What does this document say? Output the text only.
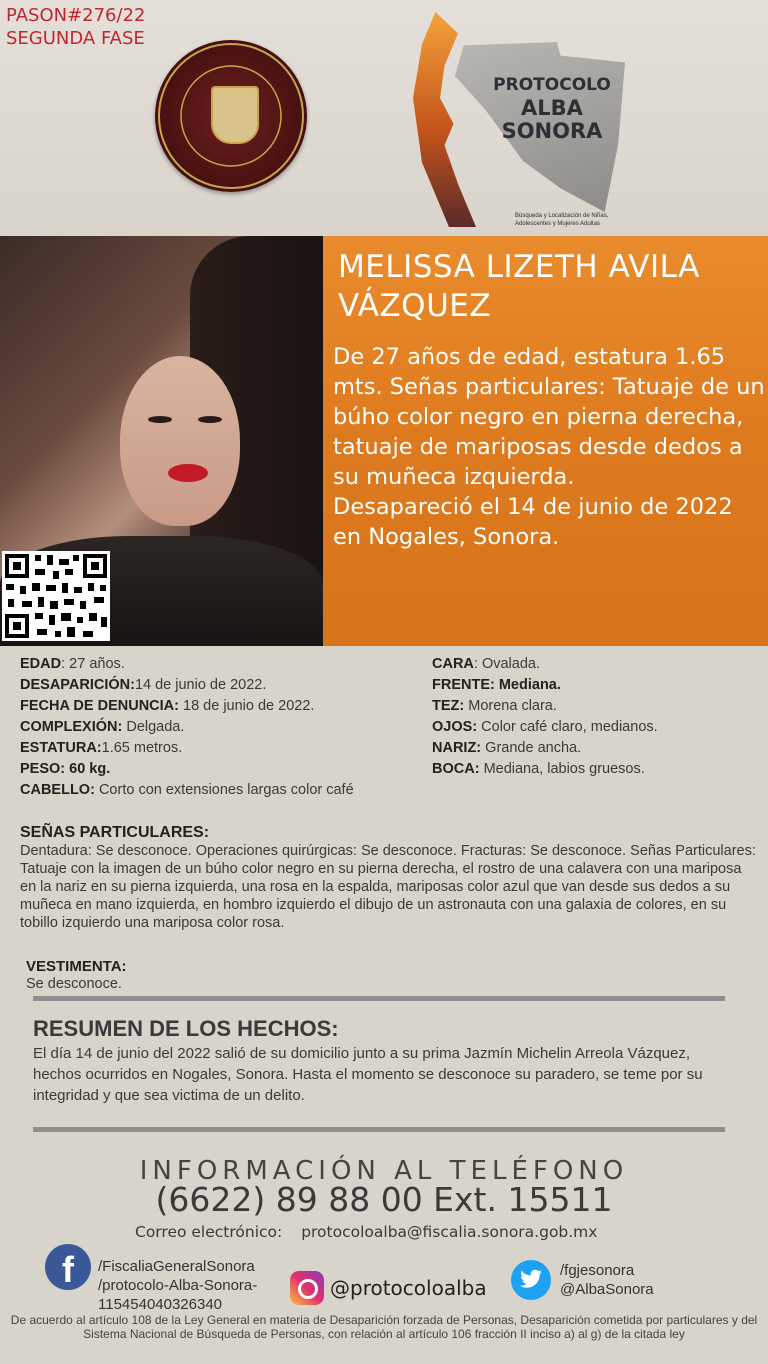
PASON#276/22
SEGUNDA FASE
PROTOCOLO
ALBA
SONORA
Búsqueda y Localización de Niñas, Adolescentes y Mujeres Adultas
MELISSA LIZETH AVILA VÁZQUEZ
De 27 años de edad, estatura 1.65 mts. Señas particulares: Tatuaje de un búho color negro en pierna derecha, tatuaje de mariposas desde dedos a su muñeca izquierda.
Desapareció el 14 de junio de 2022 en Nogales, Sonora.
EDAD: 27 años.
DESAPARICIÓN:14 de junio de 2022.
FECHA DE DENUNCIA: 18 de junio de 2022.
COMPLEXIÓN: Delgada.
ESTATURA:1.65 metros.
PESO: 60 kg.
CABELLO: Corto con extensiones largas color café
CARA: Ovalada.
FRENTE: Mediana.
TEZ: Morena clara.
OJOS: Color café claro, medianos.
NARIZ: Grande ancha.
BOCA: Mediana, labios gruesos.
SEÑAS PARTICULARES:
Dentadura: Se desconoce. Operaciones quirúrgicas: Se desconoce. Fracturas: Se desconoce. Señas Particulares: Tatuaje con la imagen de un búho color negro en su pierna derecha, el rostro de una calavera con una mariposa en la nariz en su pierna izquierda, una rosa en la espalda, mariposas color azul que van desde sus dedos a su muñeca en mano izquierda, en hombro izquierdo el dibujo de un astronauta con una galaxia de colores, en su tobillo izquierdo una mariposa color rosa.
VESTIMENTA:
Se desconoce.
RESUMEN DE LOS HECHOS:
El día 14 de junio del 2022 salió de su domicilio junto a su prima Jazmín Michelin Arreola Vázquez, hechos ocurridos en Nogales, Sonora. Hasta el momento se desconoce su paradero, se teme por su integridad y que sea victima de un delito.
INFORMACIÓN AL TELÉFONO
(6622) 89 88 00 Ext. 15511
Correo electrónico: protocoloalba@fiscalia.sonora.gob.mx
f	/FiscaliaGeneralSonora
/protocolo-Alba-Sonora-115454040326340
@protocoloalba
/fgjesonora
@AlbaSonora
De acuerdo al artículo 108 de la Ley General en materia de Desaparición forzada de Personas, Desaparición cometida por particulares y del Sistema Nacional de Búsqueda de Personas, con relación al artículo 106 fracción II inciso a) al g) de la citada ley
